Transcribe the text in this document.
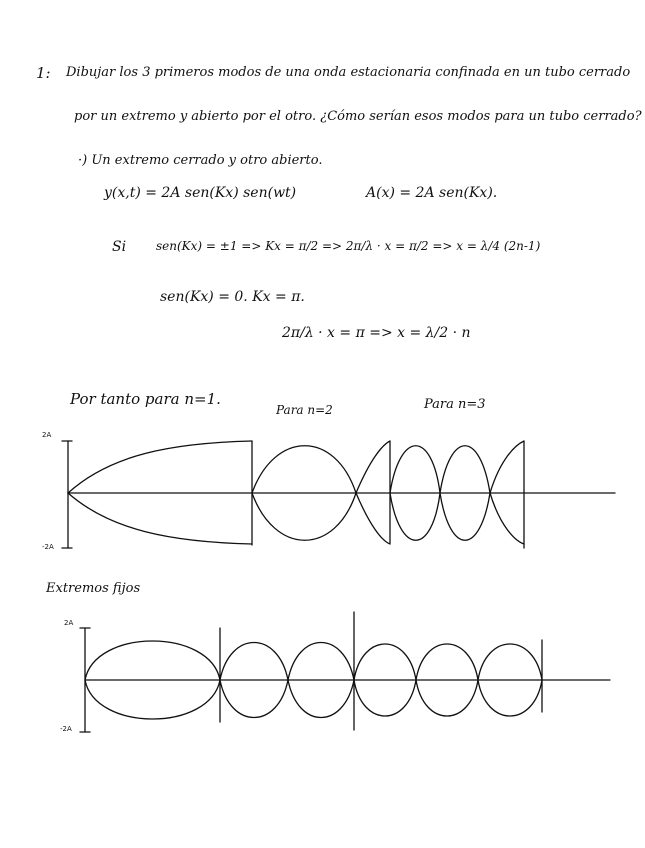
1: Dibujar los 3 primeros modos de una onda estacionaria confinada en un tubo cerrado
por un extremo y abierto por el otro. ¿Cómo serían esos modos para un tubo cerrado?
·) Un extremo cerrado y otro abierto.
y(x,t) = 2A sen(Kx) sen(wt)	A(x) = 2A sen(Kx).
Si sen(Kx) = ±1 => Kx = π/2 => 2π/λ · x = π/2 => x = λ/4 (2n-1)
sen(Kx) = 0. Kx = π.
2π/λ · x = π => x = λ/2 · n
Por tanto para n=1.
Para n=2	Para n=3
2A
-2A
Extremos fijos
2A
-2A
